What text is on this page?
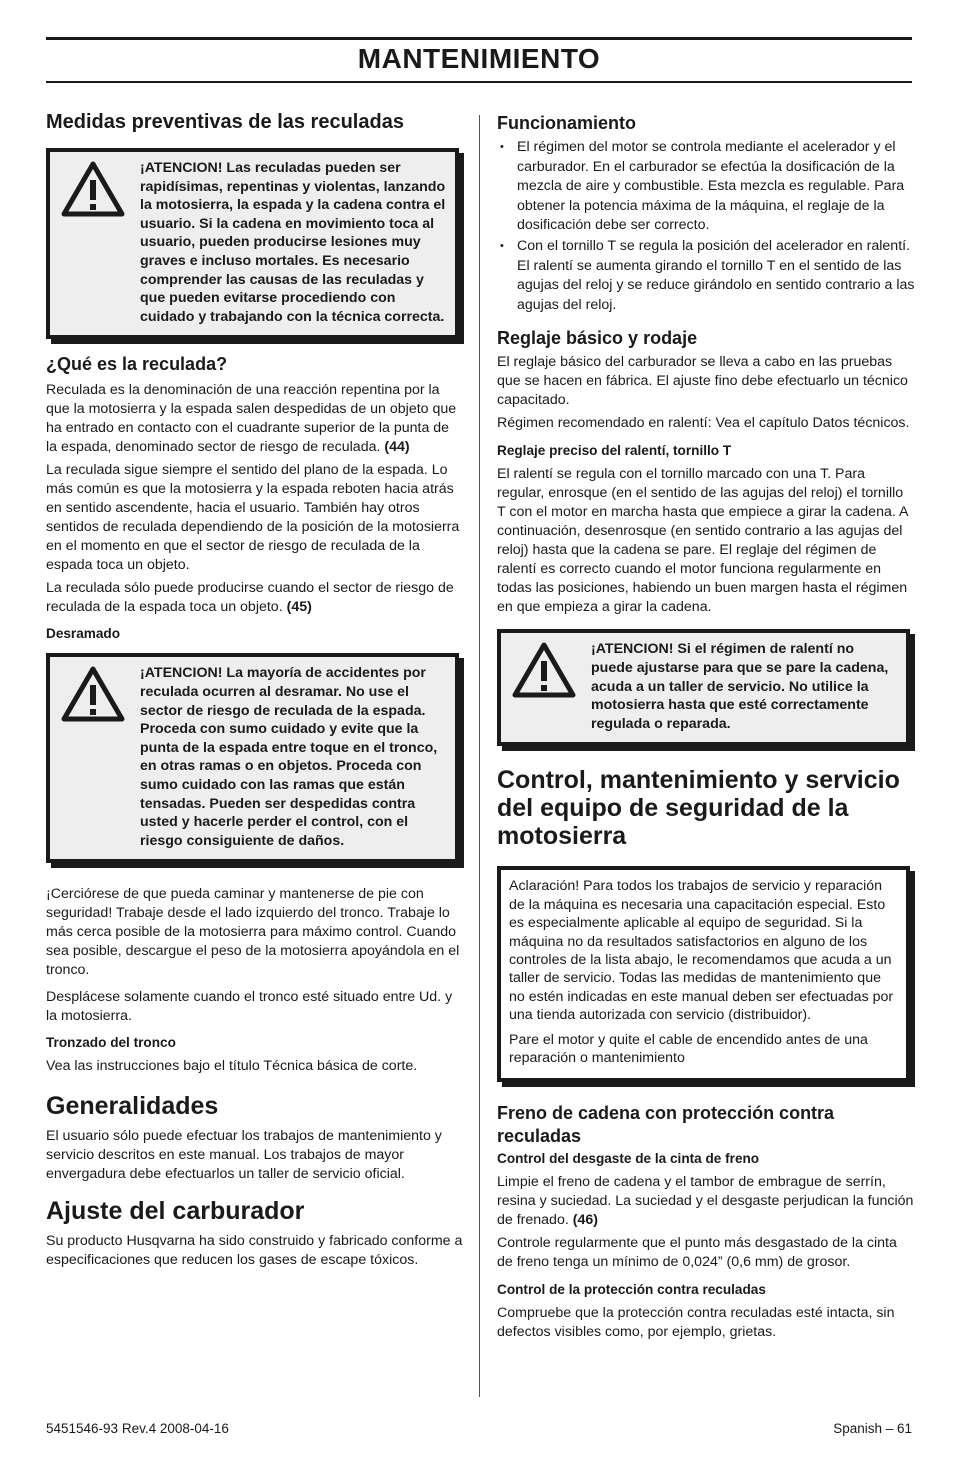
MANTENIMIENTO
Medidas preventivas de las reculadas
¡ATENCION! Las reculadas pueden ser rapidísimas, repentinas y violentas, lanzando la motosierra, la espada y la cadena contra el usuario. Si la cadena en movimiento toca al usuario, pueden producirse lesiones muy graves e incluso mortales. Es necesario comprender las causas de las reculadas y que pueden evitarse procediendo con cuidado y trabajando con la técnica correcta.
¿Qué es la reculada?

Reculada es la denominación de una reacción repentina por la que la motosierra y la espada salen despedidas de un objeto que ha entrado en contacto con el cuadrante superior de la punta de la espada, denominado sector de riesgo de reculada. (44)

La reculada sigue siempre el sentido del plano de la espada. Lo más común es que la motosierra y la espada reboten hacia atrás en sentido ascendente, hacia el usuario. También hay otros sentidos de reculada dependiendo de la posición de la motosierra en el momento en que el sector de riesgo de reculada de la espada toca un objeto.

La reculada sólo puede producirse cuando el sector de riesgo de reculada de la espada toca un objeto. (45)

Desramado
¡ATENCION! La mayoría de accidentes por reculada ocurren al desramar. No use el sector de riesgo de reculada de la espada. Proceda con sumo cuidado y evite que la punta de la espada entre toque en el tronco, en otras ramas o en objetos. Proceda con sumo cuidado con las ramas que están tensadas. Pueden ser despedidas contra usted y hacerle perder el control, con el riesgo consiguiente de daños.

¡Cerciórese de que pueda caminar y mantenerse de pie con seguridad! Trabaje desde el lado izquierdo del tronco. Trabaje lo más cerca posible de la motosierra para máximo control. Cuando sea posible, descargue el peso de la motosierra apoyándola en el tronco.

Desplácese solamente cuando el tronco esté situado entre Ud. y la motosierra.

Tronzado del tronco

Vea las instrucciones bajo el título Técnica básica de corte.

Generalidades

El usuario sólo puede efectuar los trabajos de mantenimiento y servicio descritos en este manual. Los trabajos de mayor envergadura debe efectuarlos un taller de servicio oficial.

Ajuste del carburador

Su producto Husqvarna ha sido construido y fabricado conforme a especificaciones que reducen los gases de escape tóxicos.

Funcionamiento
• El régimen del motor se controla mediante el acelerador y el carburador. En el carburador se efectúa la dosificación de la mezcla de aire y combustible. Esta mezcla es regulable. Para obtener la potencia máxima de la máquina, el reglaje de la dosificación debe ser correcto.
• Con el tornillo T se regula la posición del acelerador en ralentí. El ralentí se aumenta girando el tornillo T en el sentido de las agujas del reloj y se reduce girándolo en sentido contrario a las agujas del reloj.
Reglaje básico y rodaje

El reglaje básico del carburador se lleva a cabo en las pruebas que se hacen en fábrica. El ajuste fino debe efectuarlo un técnico capacitado.

Régimen recomendado en ralentí: Vea el capítulo Datos técnicos.

Reglaje preciso del ralentí, tornillo T

El ralentí se regula con el tornillo marcado con una T. Para regular, enrosque (en el sentido de las agujas del reloj) el tornillo T con el motor en marcha hasta que empiece a girar la cadena. A continuación, desenrosque (en sentido contrario a las agujas del reloj) hasta que la cadena se pare. El reglaje del régimen de ralentí es correcto cuando el motor funciona regularmente en todas las posiciones, habiendo un buen margen hasta el régimen en que empieza a girar la cadena.

¡ATENCION! Si el régimen de ralentí no puede ajustarse para que se pare la cadena, acuda a un taller de servicio. No utilice la motosierra hasta que esté correctamente regulada o reparada.
Control, mantenimiento y servicio del equipo de seguridad de la motosierra

Aclaración! Para todos los trabajos de servicio y reparación de la máquina es necesaria una capacitación especial. Esto es especialmente aplicable al equipo de seguridad. Si la máquina no da resultados satisfactorios en alguno de los controles de la lista abajo, le recomendamos que acuda a un taller de servicio. Todas las medidas de mantenimiento que no estén indicadas en este manual deben ser efectuadas por una tienda autorizada con servicio (distribuidor).

Pare el motor y quite el cable de encendido antes de una reparación o mantenimiento

Freno de cadena con protección contra reculadas
Control del desgaste de la cinta de freno

Limpie el freno de cadena y el tambor de embrague de serrín, resina y suciedad. La suciedad y el desgaste perjudican la función de frenado. (46)

Controle regularmente que el punto más desgastado de la cinta de freno tenga un mínimo de 0,024” (0,6 mm) de grosor.

Control de la protección contra reculadas

Compruebe que la protección contra reculadas esté intacta, sin defectos visibles como, por ejemplo, grietas.

5451546-93 Rev.4 2008-04-16	Spanish – 61
